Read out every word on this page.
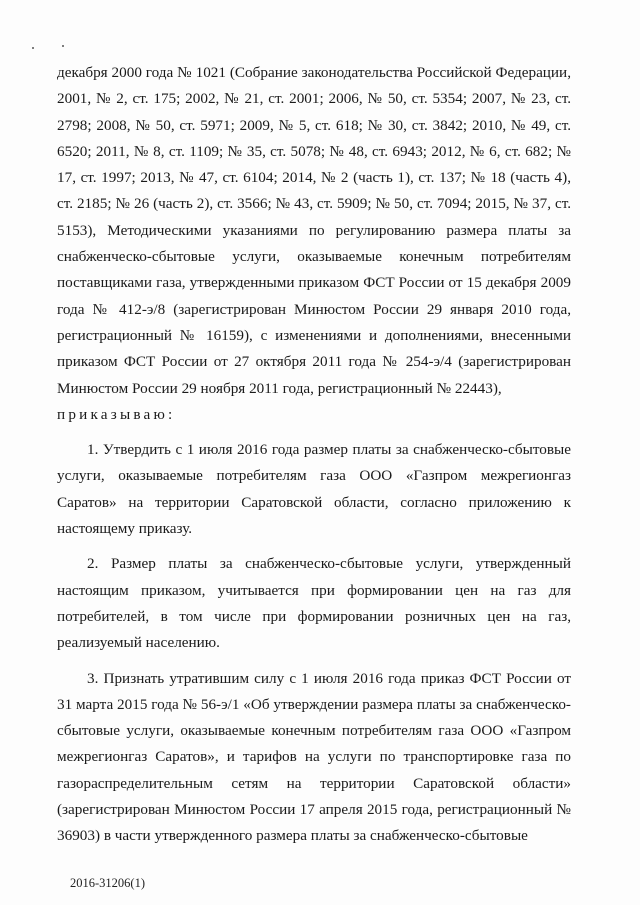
декабря 2000 года № 1021 (Собрание законодательства Российской Федерации, 2001, № 2, ст. 175; 2002, № 21, ст. 2001; 2006, № 50, ст. 5354; 2007, № 23, ст. 2798; 2008, № 50, ст. 5971; 2009, № 5, ст. 618; № 30, ст. 3842; 2010, № 49, ст. 6520; 2011, № 8, ст. 1109; № 35, ст. 5078; № 48, ст. 6943; 2012, № 6, ст. 682; № 17, ст. 1997; 2013, № 47, ст. 6104; 2014, № 2 (часть 1), ст. 137; № 18 (часть 4), ст. 2185; № 26 (часть 2), ст. 3566; № 43, ст. 5909; № 50, ст. 7094; 2015, № 37, ст. 5153), Методическими указаниями по регулированию размера платы за снабженческо-сбытовые услуги, оказываемые конечным потребителям поставщиками газа, утвержденными приказом ФСТ России от 15 декабря 2009 года № 412-э/8 (зарегистрирован Минюстом России 29 января 2010 года, регистрационный № 16159), с изменениями и дополнениями, внесенными приказом ФСТ России от 27 октября 2011 года № 254-э/4 (зарегистрирован Минюстом России 29 ноября 2011 года, регистрационный № 22443),

приказываю:

1. Утвердить с 1 июля 2016 года размер платы за снабженческо-сбытовые услуги, оказываемые потребителям газа ООО «Газпром межрегионгаз Саратов» на территории Саратовской области, согласно приложению к настоящему приказу.

2. Размер платы за снабженческо-сбытовые услуги, утвержденный настоящим приказом, учитывается при формировании цен на газ для потребителей, в том числе при формировании розничных цен на газ, реализуемый населению.

3. Признать утратившим силу с 1 июля 2016 года приказ ФСТ России от 31 марта 2015 года № 56-э/1 «Об утверждении размера платы за снабженческо-сбытовые услуги, оказываемые конечным потребителям газа ООО «Газпром межрегионгаз Саратов», и тарифов на услуги по транспортировке газа по газораспределительным сетям на территории Саратовской области» (зарегистрирован Минюстом России 17 апреля 2015 года, регистрационный № 36903) в части утвержденного размера платы за снабженческо-сбытовые

2016-31206(1)
